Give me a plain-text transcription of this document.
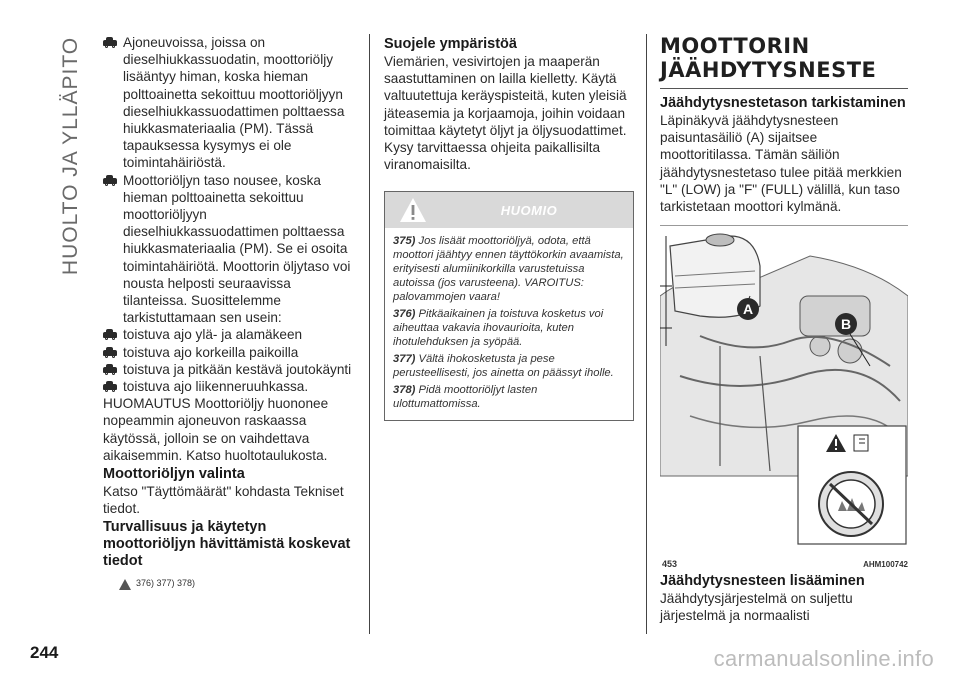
HUOLTO JA YLLÄPITO	Ajoneuvoissa, joissa on dieselhiukkassuodatin, moottoriöljy lisääntyy himan, koska hieman polttoainetta sekoittuu moottoriöljyyn dieselhiukkassuodattimen polttaessa hiukkasmateriaalia (PM). Tässä tapauksessa kysymys ei ole toimintahäiriöstä.
Moottoriöljyn taso nousee, koska hieman polttoainetta sekoittuu moottoriöljyyn dieselhiukkassuodattimen polttaessa hiukkasmateriaalia (PM). Se ei osoita toimintahäiriötä. Moottorin öljytaso voi nousta helposti seuraavissa tilanteissa. Suosittelemme tarkistuttamaan sen usein:
toistuva ajo ylä- ja alamäkeen
toistuva ajo korkeilla paikoilla
toistuva ja pitkään kestävä joutokäynti
toistuva ajo liikenneruuhkassa.

HUOMAUTUS Moottoriöljy huononee nopeammin ajoneuvon raskaassa käytössä, jolloin se on vaihdettava aikaisemmin. Katso huoltotaulukosta.

Moottoriöljyn valinta

Katso "Täyttömäärät" kohdasta Tekniset tiedot.

Turvallisuus ja käytetyn moottoriöljyn hävittämistä koskevat tiedot
376) 377) 378)
Suojele ympäristöä

Viemärien, vesivirtojen ja maaperän saastuttaminen on lailla kielletty. Käytä valtuutettuja keräyspisteitä, kuten yleisiä jäteasemia ja korjaamoja, joihin voidaan toimittaa käytetyt öljyt ja öljysuodattimet. Kysy tarvittaessa ohjeita paikallisilta viranomaisilta.

HUOMIO

375) Jos lisäät moottoriöljyä, odota, että moottori jäähtyy ennen täyttökorkin avaamista, erityisesti alumiinikorkilla varustetuissa autoissa (jos varusteena). VAROITUS: palovammojen vaara!

376) Pitkäaikainen ja toistuva kosketus voi aiheuttaa vakavia ihovaurioita, kuten ihotulehduksen ja syöpää.

377) Vältä ihokosketusta ja pese perusteellisesti, jos ainetta on päässyt iholle.

378) Pidä moottoriöljyt lasten ulottumattomissa.

MOOTTORIN
JÄÄHDYTYSNESTE
Jäähdytysnestetason tarkistaminen

Läpinäkyvä jäähdytysnesteen paisuntasäiliö (A) sijaitsee moottoritilassa. Tämän säiliön jäähdytysnestetaso tulee pitää merkkien "L" (LOW) ja "F" (FULL) välillä, kun taso tarkistetaan moottori kylmänä.

A
B
453	AHM100742
Jäähdytysnesteen lisääminen

Jäähdytysjärjestelmä on suljettu järjestelmä ja normaalisti

244	carmanualsonline.info
